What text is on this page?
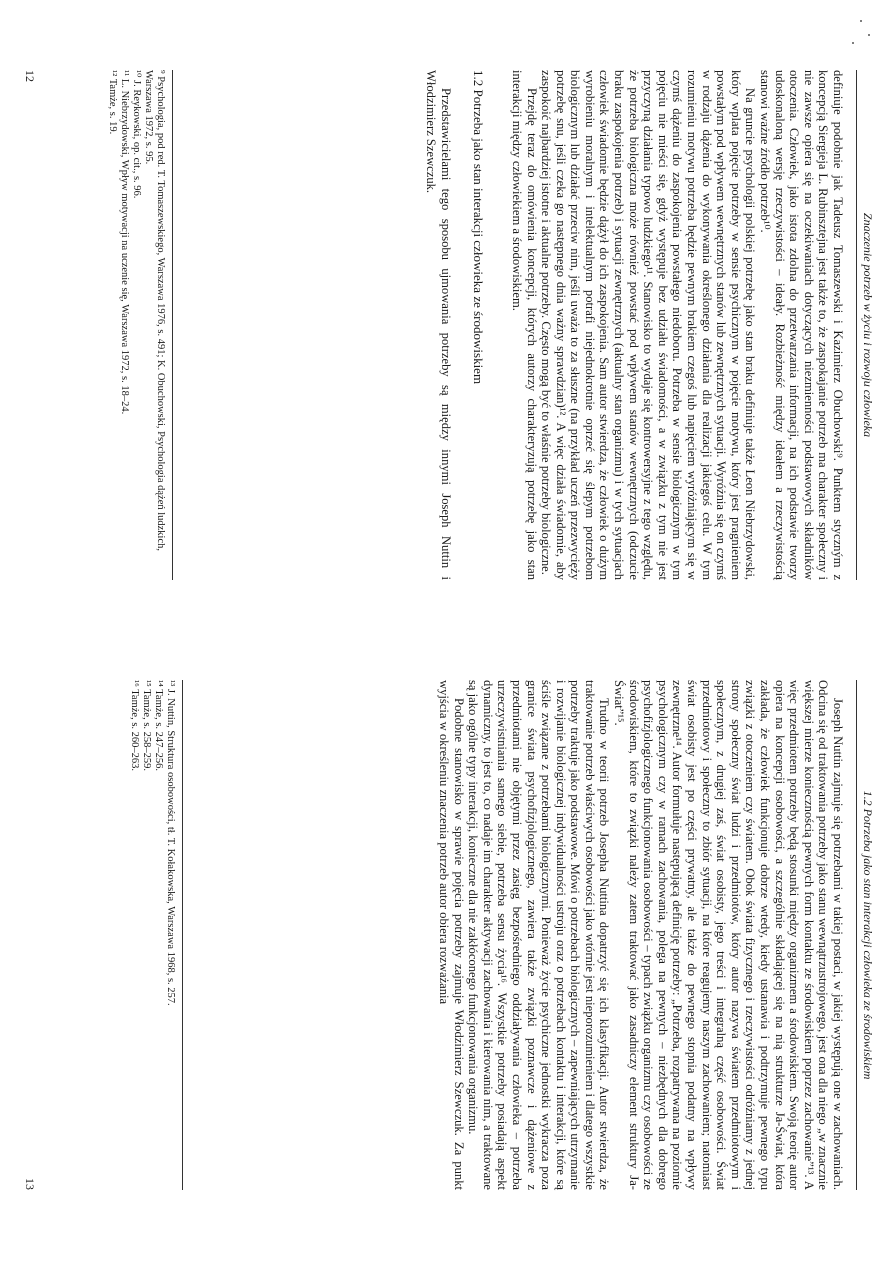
Znaczenie potrzeb w życiu i rozwoju człowieka

definiuje podobnie jak Tadeusz Tomaszewski i Kazimierz Obuchowski⁹. Punktem styczným z koncepcją Siergieja L. Rubinsztejna jest także to, że zaspokajanie potrzeb ma charakter społeczny i nie zawsze opiera się na oczekiwaniach dotyczących niezmienności podstawowych składników otoczenia. Człowiek, jako istota zdolna do przetwarzania informacji, na ich podstawie tworzy udoskonaloną wersję rzeczywistości – ideały. Rozbieżność między ideałem a rzeczywistością stanowi ważne źródło potrzeb¹⁰.

Na gruncie psychologii polskiej potrzebę jako stan braku definiuje także Leon Niebrzydowski, który wplata pojęcie potrzeby w sensie psychicznym w pojęcie motywu, który jest pragnieniem powstałym pod wpływem wewnętrznych stanów lub zewnętrznych sytuacji. Wyróżnia się on czymś w rodzaju dążenia do wykonywania określonego działania dla realizacji jakiegoś celu. W tym rozumieniu motywu potrzeba będzie pewnym brakiem czegoś lub napięciem wyróżniającym się w czymś dążeniu do zaspokojenia powstałego niedoboru. Potrzeba w sensie biologicznym w tym pojęciu nie mieści się, gdyż występuje bez udziału świadomości, a w związku z tym nie jest przyczyną działania typowo ludzkiego¹¹. Stanowisko to wydaje się kontrowersyjne z tego względu, że potrzeba biologiczna może również powstać pod wpływem stanów wewnętrznych (odczucie braku zaspokojenia potrzeb) i sytuacji zewnętrznych (aktualny stan organizmu) i w tych sytuacjach człowiek świadomie będzie dążył do ich zaspokojenia. Sam autor stwierdza, że człowiek o dużym wyrobieniu moralnym i intelektualnym potrafi niejednokrotnie oprzeć się ślepym potrzebom biologicznym lub działać przeciw nim, jeśli uważa to za słuszne (na przykład uczeń przezwycięży potrzebę snu, jeśli czeka go następnego dnia ważny sprawdzian)¹². A więc działa świadomie, aby zaspokoić najbardziej istotne i aktualne potrzeby. Często mogą być to właśnie potrzeby biologiczne.

Przejdę teraz do omówienia koncepcji, których autorzy charakteryzują potrzebę jako stan interakcji między człowiekiem a środowiskiem.

1.2 Potrzeba jako stan interakcji człowieka ze środowiskiem

Przedstawicielami tego sposobu ujmowania potrzeby są między innymi Joseph Nuttin i Włodzimierz Szewczuk.

⁹ Psychologia, pod red. T. Tomaszewskiego, Warszawa 1976, s. 491; K. Obuchowski, Psychologia dążeń ludzkich, Warszawa 1972, s. 95.
¹⁰ J. Reykowski, op. cit., s. 96.
¹¹ L. Niebrzydowski, Wpływ motywacji na uczenie się, Warszawa 1972, s. 18–24.
¹² Tamże, s. 19.
12
1.2 Potrzeba jako stan interakcji człowieka ze środowiskiem

Joseph Nuttin zajmuje się potrzebami w takiej postaci, w jakiej występują one w zachowaniach. Odcina się od traktowania potrzeby jako stanu wewnątrzustrojowego, jest ona dla niego „w znacznie większej mierze koniecznością pewnych form kontaktu ze środowiskiem poprzez zachowanie”¹³. A więc przedmiotem potrzeby będą stosunki między organizmem a środowiskiem. Swoją teorię autor opiera na koncepcji osobowości, a szczególnie składającej się na nią strukturze Ja-Świat, która zakłada, że człowiek funkcjonuje dobrze wtedy, kiedy ustanawia i podtrzymuje pewnego typu związki z otoczeniem czy światem. Obok świata fizycznego i rzeczywistości odróżniamy z jednej strony społeczny świat ludzi i przedmiotów, który autor nazywa światem przedmiotowym i społecznym, z drugiej zaś, świat osobisty, jego treści i integralną część osobowości. Świat przedmiotowy i społeczny to zbiór sytuacji, na które reagujemy naszym zachowaniem; natomiast świat osobisty jest po części prywatny, ale także do pewnego stopnia podatny na wpływy zewnętrzne¹⁴. Autor formułuje następującą definicję potrzeby: „Potrzeba, rozpatrywana na poziomie psychologicznym czy w ramach zachowania, polega na pewnych – niezbędnych dla dobrego psychofizjologicznego funkcjonowania osobowości – typach związku organizmu czy osobowości ze środowiskiem, które to związki należy zatem traktować jako zasadniczy element struktury Ja-Świat”¹⁵.

Trudno w teorii potrzeb Josepha Nuttina dopatrzyć się ich klasyfikacji. Autor stwierdza, że traktowanie potrzeb właściwych osobowości jako wtórnie jest nieporozumieniem i dlatego wszystkie potrzeby traktuje jako podstawowe. Mówi o potrzebach biologicznych – zapewniających utrzymanie i rozwijanie biologicznej indywidualności ustroju oraz o potrzebach kontaktu i interakcji, które są ściśle związane z potrzebami biologicznymi. Ponieważ życie psychiczne jednostki wykracza poza granice świata psychofizjologicznego, zawiera także związki poznawcze i dążeniowe z przedmiotami nie objętymi przez zasięg bezpośredniego oddziaływania człowieka – potrzeba urzeczywistniania samego siebie, potrzeba sensu życia¹⁶. Wszystkie potrzeby posiadają aspekt dynamiczny, to jest to, co nadaje im charakter aktywacji zachowania i kierowania nim, a traktowane są jako ogólne typy interakcji, konieczne dla nie zakłóconego funkcjonowania organizmu.

Podobne stanowisko w sprawie pojęcia potrzeby zajmuje Włodzimierz Szewczuk. Za punkt wyjścia w określeniu znaczenia potrzeb autor obiera rozważania

¹³ J. Nuttin, Struktura osobowości, tł. T. Kołakowska, Warszawa 1968, s. 257.
¹⁴ Tamże, s. 247–256.
¹⁵ Tamże, s. 258–259.
¹⁶ Tamże, s. 260–263.
13
